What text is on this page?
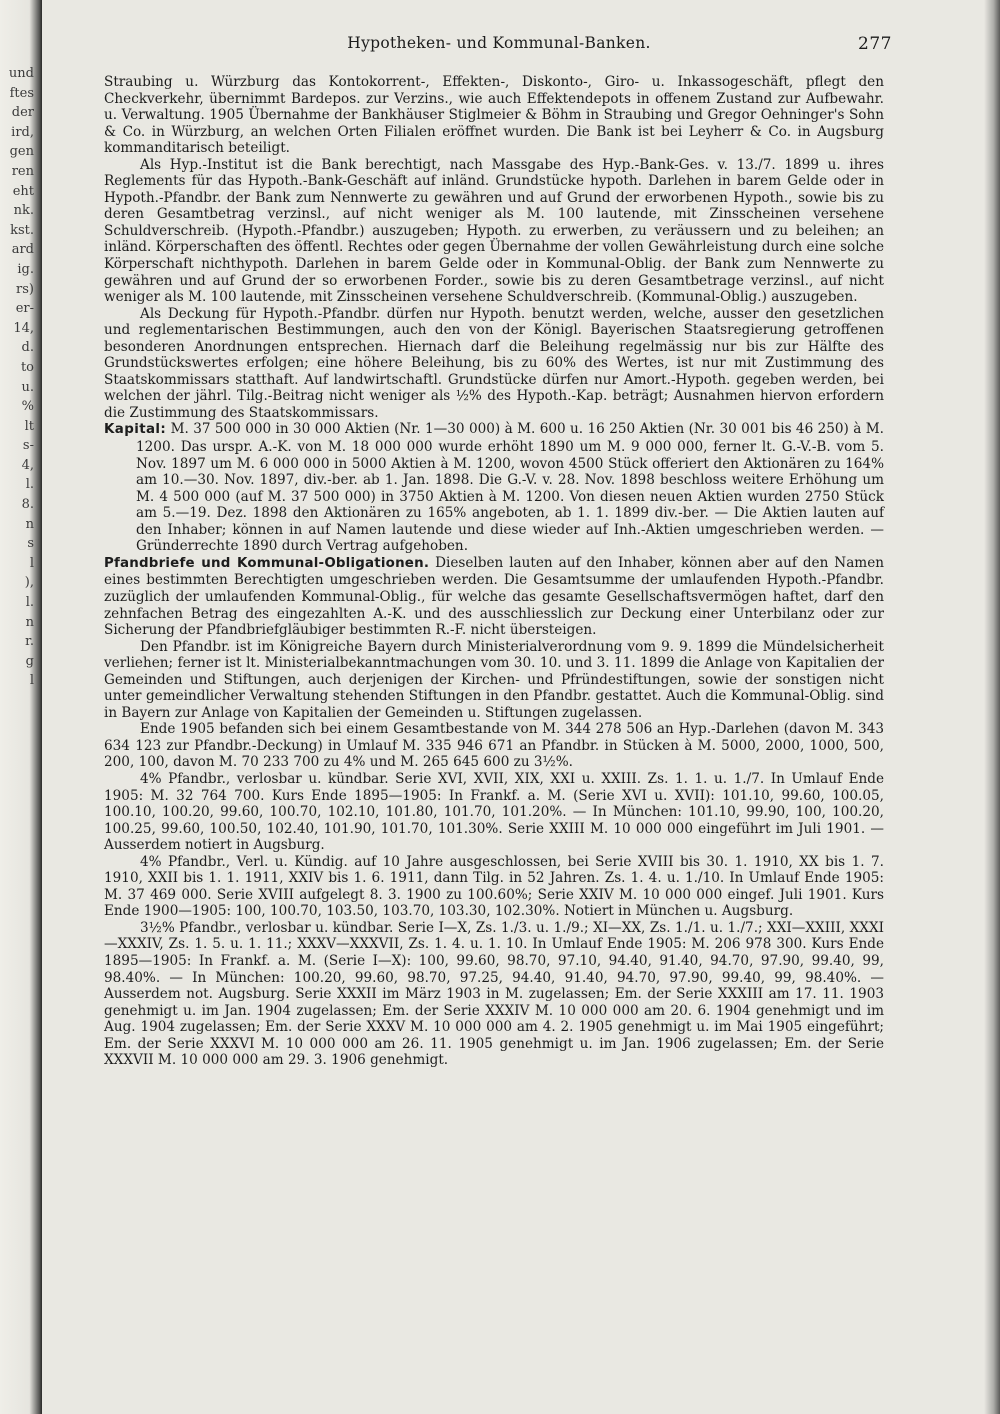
und
ftes
der
ird,
gen
ren
eht
nk.
kst.
ard
ig.
rs)
er-
14,
d.
to
u.
%
lt
s-
4,
l.
8.
n
s
l
),
l.
n
r.
g
l
Hypotheken- und Kommunal-Banken.	277

Straubing u. Würzburg das Kontokorrent-, Effekten-, Diskonto-, Giro- u. Inkassogeschäft, pflegt den Checkverkehr, übernimmt Bardepos. zur Verzins., wie auch Effektendepots in offenem Zustand zur Aufbewahr. u. Verwaltung. 1905 Übernahme der Bankhäuser Stiglmeier & Böhm in Straubing und Gregor Oehninger's Sohn & Co. in Würzburg, an welchen Orten Filialen eröffnet wurden. Die Bank ist bei Leyherr & Co. in Augsburg kommanditarisch beteiligt.

Als Hyp.-Institut ist die Bank berechtigt, nach Massgabe des Hyp.-Bank-Ges. v. 13./7. 1899 u. ihres Reglements für das Hypoth.-Bank-Geschäft auf inländ. Grundstücke hypoth. Darlehen in barem Gelde oder in Hypoth.-Pfandbr. der Bank zum Nennwerte zu gewähren und auf Grund der erworbenen Hypoth., sowie bis zu deren Gesamtbetrag verzinsl., auf nicht weniger als M. 100 lautende, mit Zinsscheinen versehene Schuldverschreib. (Hypoth.-Pfandbr.) auszugeben; Hypoth. zu erwerben, zu veräussern und zu beleihen; an inländ. Körperschaften des öffentl. Rechtes oder gegen Übernahme der vollen Gewährleistung durch eine solche Körperschaft nichthypoth. Darlehen in barem Gelde oder in Kommunal-Oblig. der Bank zum Nennwerte zu gewähren und auf Grund der so erworbenen Forder., sowie bis zu deren Gesamtbetrage verzinsl., auf nicht weniger als M. 100 lautende, mit Zinsscheinen versehene Schuldverschreib. (Kommunal-Oblig.) auszugeben.

Als Deckung für Hypoth.-Pfandbr. dürfen nur Hypoth. benutzt werden, welche, ausser den gesetzlichen und reglementarischen Bestimmungen, auch den von der Königl. Bayerischen Staatsregierung getroffenen besonderen Anordnungen entsprechen. Hiernach darf die Beleihung regelmässig nur bis zur Hälfte des Grundstückswertes erfolgen; eine höhere Beleihung, bis zu 60% des Wertes, ist nur mit Zustimmung des Staatskommissars statthaft. Auf landwirtschaftl. Grundstücke dürfen nur Amort.-Hypoth. gegeben werden, bei welchen der jährl. Tilg.-Beitrag nicht weniger als ½% des Hypoth.-Kap. beträgt; Ausnahmen hiervon erfordern die Zustimmung des Staatskommissars.

Kapital: M. 37 500 000 in 30 000 Aktien (Nr. 1—30 000) à M. 600 u. 16 250 Aktien (Nr. 30 001 bis 46 250) à M. 1200. Das urspr. A.-K. von M. 18 000 000 wurde erhöht 1890 um M. 9 000 000, ferner lt. G.-V.-B. vom 5. Nov. 1897 um M. 6 000 000 in 5000 Aktien à M. 1200, wovon 4500 Stück offeriert den Aktionären zu 164% am 10.—30. Nov. 1897, div.-ber. ab 1. Jan. 1898. Die G.-V. v. 28. Nov. 1898 beschloss weitere Erhöhung um M. 4 500 000 (auf M. 37 500 000) in 3750 Aktien à M. 1200. Von diesen neuen Aktien wurden 2750 Stück am 5.—19. Dez. 1898 den Aktionären zu 165% angeboten, ab 1. 1. 1899 div.-ber. — Die Aktien lauten auf den Inhaber; können in auf Namen lautende und diese wieder auf Inh.-Aktien umgeschrieben werden. — Gründerrechte 1890 durch Vertrag aufgehoben.

Pfandbriefe und Kommunal-Obligationen. Dieselben lauten auf den Inhaber, können aber auf den Namen eines bestimmten Berechtigten umgeschrieben werden. Die Gesamtsumme der umlaufenden Hypoth.-Pfandbr. zuzüglich der umlaufenden Kommunal-Oblig., für welche das gesamte Gesellschaftsvermögen haftet, darf den zehnfachen Betrag des eingezahlten A.-K. und des ausschliesslich zur Deckung einer Unterbilanz oder zur Sicherung der Pfandbriefgläubiger bestimmten R.-F. nicht übersteigen.

Den Pfandbr. ist im Königreiche Bayern durch Ministerialverordnung vom 9. 9. 1899 die Mündelsicherheit verliehen; ferner ist lt. Ministerialbekanntmachungen vom 30. 10. und 3. 11. 1899 die Anlage von Kapitalien der Gemeinden und Stiftungen, auch derjenigen der Kirchen- und Pfründestiftungen, sowie der sonstigen nicht unter gemeindlicher Verwaltung stehenden Stiftungen in den Pfandbr. gestattet. Auch die Kommunal-Oblig. sind in Bayern zur Anlage von Kapitalien der Gemeinden u. Stiftungen zugelassen.

Ende 1905 befanden sich bei einem Gesamtbestande von M. 344 278 506 an Hyp.-Darlehen (davon M. 343 634 123 zur Pfandbr.-Deckung) in Umlauf M. 335 946 671 an Pfandbr. in Stücken à M. 5000, 2000, 1000, 500, 200, 100, davon M. 70 233 700 zu 4% und M. 265 645 600 zu 3½%.

4% Pfandbr., verlosbar u. kündbar. Serie XVI, XVII, XIX, XXI u. XXIII. Zs. 1. 1. u. 1./7. In Umlauf Ende 1905: M. 32 764 700. Kurs Ende 1895—1905: In Frankf. a. M. (Serie XVI u. XVII): 101.10, 99.60, 100.05, 100.10, 100.20, 99.60, 100.70, 102.10, 101.80, 101.70, 101.20%. — In München: 101.10, 99.90, 100, 100.20, 100.25, 99.60, 100.50, 102.40, 101.90, 101.70, 101.30%. Serie XXIII M. 10 000 000 eingeführt im Juli 1901. — Ausserdem notiert in Augsburg.

4% Pfandbr., Verl. u. Kündig. auf 10 Jahre ausgeschlossen, bei Serie XVIII bis 30. 1. 1910, XX bis 1. 7. 1910, XXII bis 1. 1. 1911, XXIV bis 1. 6. 1911, dann Tilg. in 52 Jahren. Zs. 1. 4. u. 1./10. In Umlauf Ende 1905: M. 37 469 000. Serie XVIII aufgelegt 8. 3. 1900 zu 100.60%; Serie XXIV M. 10 000 000 eingef. Juli 1901. Kurs Ende 1900—1905: 100, 100.70, 103.50, 103.70, 103.30, 102.30%. Notiert in München u. Augsburg.

3½% Pfandbr., verlosbar u. kündbar. Serie I—X, Zs. 1./3. u. 1./9.; XI—XX, Zs. 1./1. u. 1./7.; XXI—XXIII, XXXI—XXXIV, Zs. 1. 5. u. 1. 11.; XXXV—XXXVII, Zs. 1. 4. u. 1. 10. In Umlauf Ende 1905: M. 206 978 300. Kurs Ende 1895—1905: In Frankf. a. M. (Serie I—X): 100, 99.60, 98.70, 97.10, 94.40, 91.40, 94.70, 97.90, 99.40, 99, 98.40%. — In München: 100.20, 99.60, 98.70, 97.25, 94.40, 91.40, 94.70, 97.90, 99.40, 99, 98.40%. — Ausserdem not. Augsburg. Serie XXXII im März 1903 in M. zugelassen; Em. der Serie XXXIII am 17. 11. 1903 genehmigt u. im Jan. 1904 zugelassen; Em. der Serie XXXIV M. 10 000 000 am 20. 6. 1904 genehmigt und im Aug. 1904 zugelassen; Em. der Serie XXXV M. 10 000 000 am 4. 2. 1905 genehmigt u. im Mai 1905 eingeführt; Em. der Serie XXXVI M. 10 000 000 am 26. 11. 1905 genehmigt u. im Jan. 1906 zugelassen; Em. der Serie XXXVII M. 10 000 000 am 29. 3. 1906 genehmigt.
